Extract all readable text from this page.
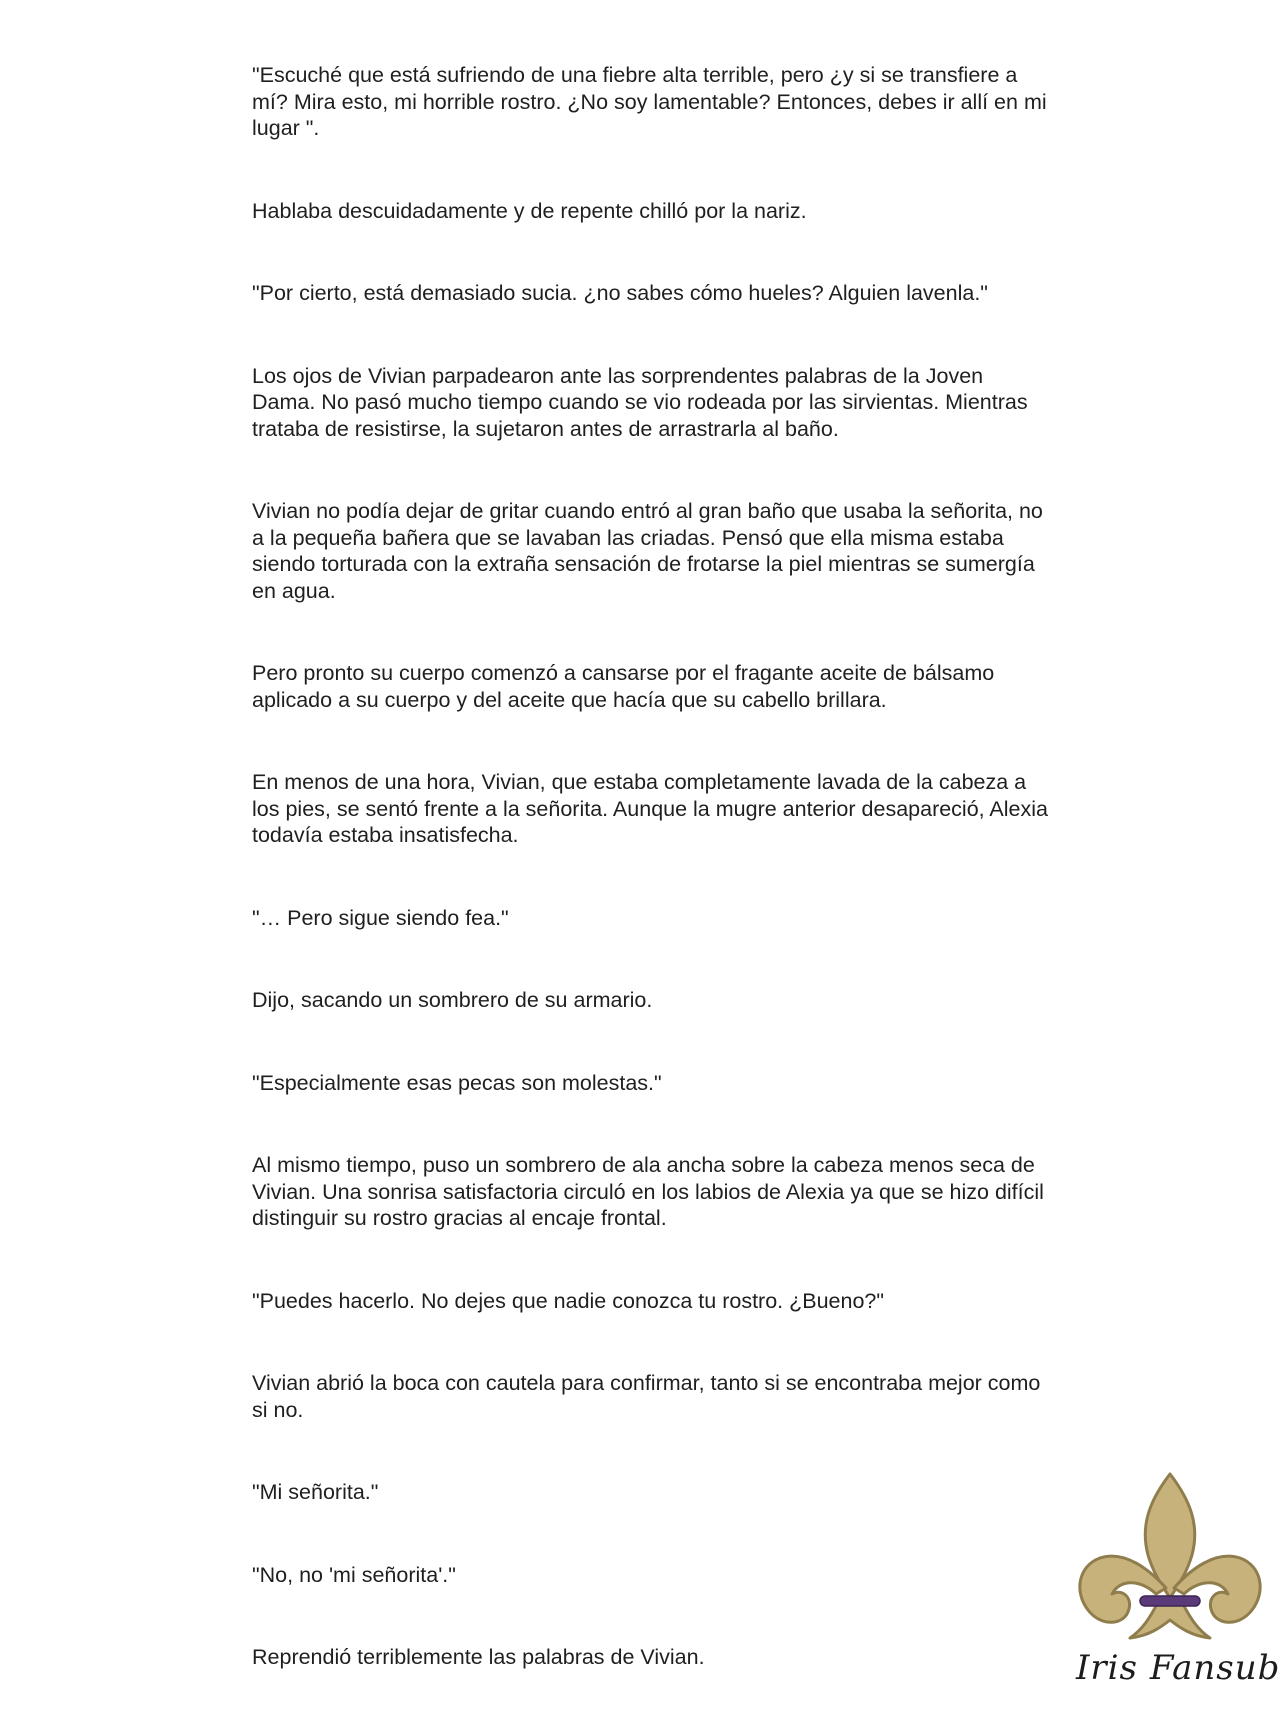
"Escuché que está sufriendo de una fiebre alta terrible, pero ¿y si se transfiere a mí? Mira esto, mi horrible rostro. ¿No soy lamentable? Entonces, debes ir allí en mi lugar ".

Hablaba descuidadamente y de repente chilló por la nariz.

"Por cierto, está demasiado sucia. ¿no sabes cómo hueles? Alguien lavenla."

Los ojos de Vivian parpadearon ante las sorprendentes palabras de la Joven Dama. No pasó mucho tiempo cuando se vio rodeada por las sirvientas. Mientras trataba de resistirse, la sujetaron antes de arrastrarla al baño.

Vivian no podía dejar de gritar cuando entró al gran baño que usaba la señorita, no a la pequeña bañera que se lavaban las criadas. Pensó que ella misma estaba siendo torturada con la extraña sensación de frotarse la piel mientras se sumergía en agua.

Pero pronto su cuerpo comenzó a cansarse por el fragante aceite de bálsamo aplicado a su cuerpo y del aceite que hacía que su cabello brillara.

En menos de una hora, Vivian, que estaba completamente lavada de la cabeza a los pies, se sentó frente a la señorita. Aunque la mugre anterior desapareció, Alexia todavía estaba insatisfecha.

"… Pero sigue siendo fea."

Dijo, sacando un sombrero de su armario.

"Especialmente esas pecas son molestas."

Al mismo tiempo, puso un sombrero de ala ancha sobre la cabeza menos seca de Vivian. Una sonrisa satisfactoria circuló en los labios de Alexia ya que se hizo difícil distinguir su rostro gracias al encaje frontal.

"Puedes hacerlo. No dejes que nadie conozca tu rostro. ¿Bueno?"

Vivian abrió la boca con cautela para confirmar, tanto si se encontraba mejor como si no.

"Mi señorita."

"No, no 'mi señorita'."

Reprendió terriblemente las palabras de Vivian.	Iris Fansub
